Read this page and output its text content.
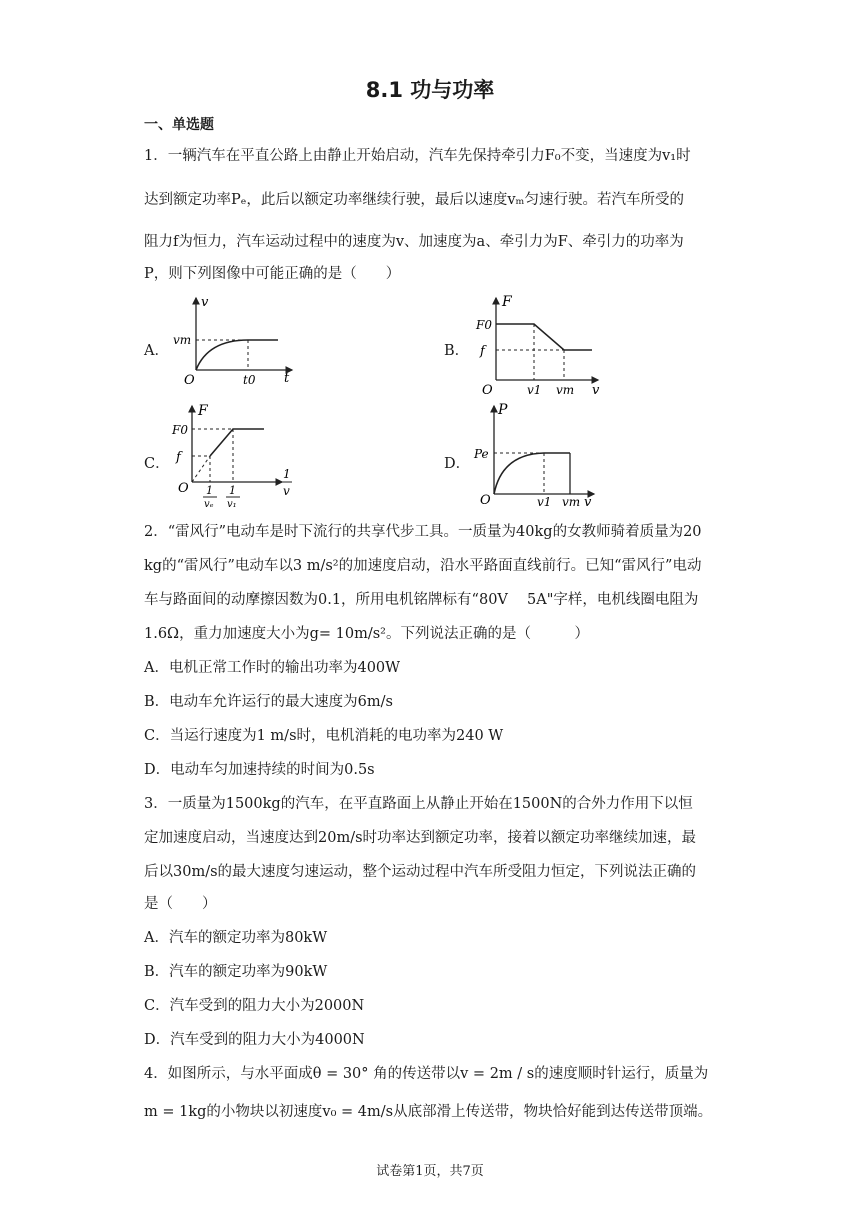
8.1 功与功率
一、单选题
1．一辆汽车在平直公路上由静止开始启动，汽车先保持牵引力F₀不变，当速度为v₁时
达到额定功率Pₑ，此后以额定功率继续行驶，最后以速度vₘ匀速行驶。若汽车所受的
阻力f为恒力，汽车运动过程中的速度为v、加速度为a、牵引力为F、牵引力的功率为
P，则下列图像中可能正确的是（　　）
A．	B．
C．	D．
v
t
O
vm
t0
F
v
O
F0
f
v1 vm
F
O
F0
f
1
v
1
vₑ
1
v₁
P
v
O
Pe
v1 vm
2．“雷风行”电动车是时下流行的共享代步工具。一质量为40kg的女教师骑着质量为20
kg的“雷风行”电动车以3 m/s²的加速度启动，沿水平路面直线前行。已知“雷风行”电动
车与路面间的动摩擦因数为0.1，所用电机铭牌标有“80V　 5A"字样，电机线圈电阻为
1.6Ω，重力加速度大小为g= 10m/s²。下列说法正确的是（　　　）
A．电机正常工作时的输出功率为400W
B．电动车允许运行的最大速度为6m/s
C．当运行速度为1 m/s时，电机消耗的电功率为240 W
D．电动车匀加速持续的时间为0.5s
3．一质量为1500kg的汽车，在平直路面上从静止开始在1500N的合外力作用下以恒
定加速度启动，当速度达到20m/s时功率达到额定功率，接着以额定功率继续加速，最
后以30m/s的最大速度匀速运动，整个运动过程中汽车所受阻力恒定，下列说法正确的
是（　　）
A．汽车的额定功率为80kW
B．汽车的额定功率为90kW
C．汽车受到的阻力大小为2000N
D．汽车受到的阻力大小为4000N
4．如图所示，与水平面成θ = 30° 角的传送带以v = 2m / s的速度顺时针运行，质量为
m = 1kg的小物块以初速度v₀ = 4m/s从底部滑上传送带，物块恰好能到达传送带顶端。
试卷第1页，共7页
